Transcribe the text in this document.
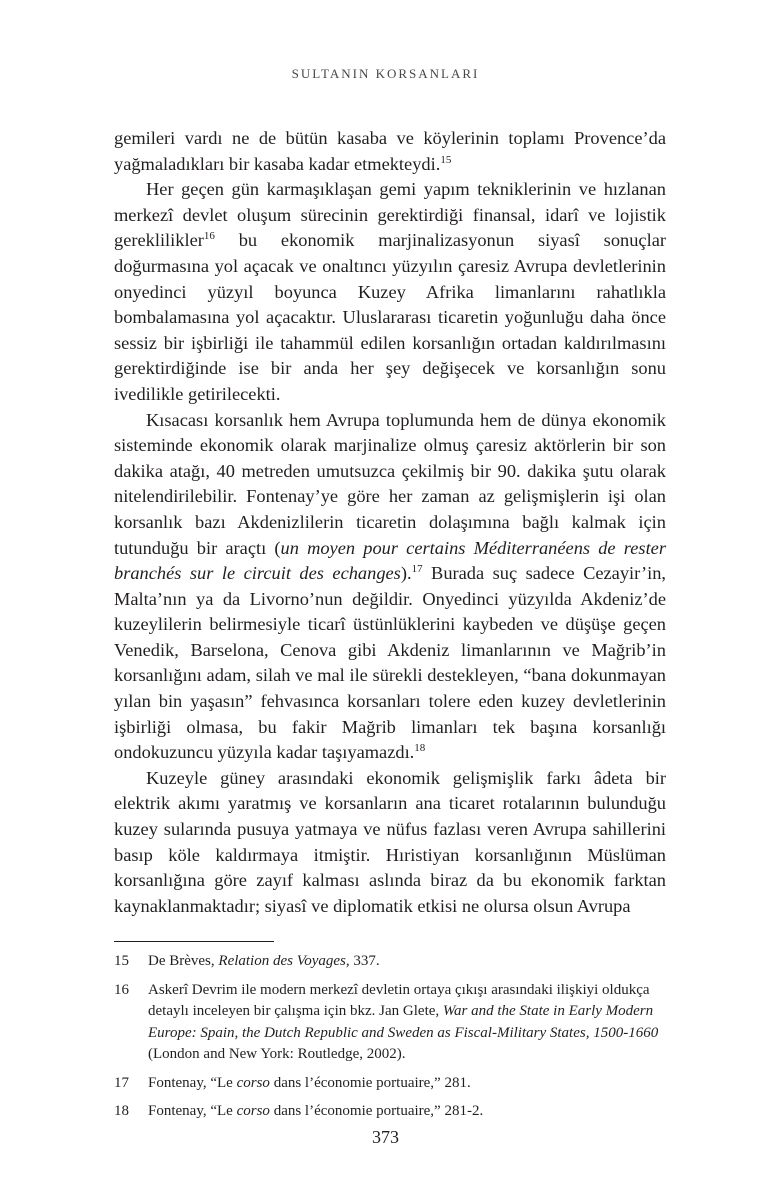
SULTANIN KORSANLARI

gemileri vardı ne de bütün kasaba ve köylerinin toplamı Provence’da yağmaladıkları bir kasaba kadar etmekteydi.$^{15}$

Her geçen gün karmaşıklaşan gemi yapım tekniklerinin ve hızlanan merkezî devlet oluşum sürecinin gerektirdiği finansal, idarî ve lojistik gereklilikler$^{16}$ bu ekonomik marjinalizasyonun siyasî sonuçlar doğurmasına yol açacak ve onaltıncı yüzyılın çaresiz Avrupa devletlerinin onyedinci yüzyıl boyunca Kuzey Afrika limanlarını rahatlıkla bombalamasına yol açacaktır. Uluslararası ticaretin yoğunluğu daha önce sessiz bir işbirliği ile tahammül edilen korsanlığın ortadan kaldırılmasını gerektirdiğinde ise bir anda her şey değişecek ve korsanlığın sonu ivedilikle getirilecekti.

Kısacası korsanlık hem Avrupa toplumunda hem de dünya ekonomik sisteminde ekonomik olarak marjinalize olmuş çaresiz aktörlerin bir son dakika atağı, 40 metreden umutsuzca çekilmiş bir 90. dakika şutu olarak nitelendirilebilir. Fontenay’ye göre her zaman az gelişmişlerin işi olan korsanlık bazı Akdenizlilerin ticaretin dolaşımına bağlı kalmak için tutunduğu bir araçtı (un moyen pour certains Méditerranéens de rester branchés sur le circuit des echanges).$^{17}$ Burada suç sadece Cezayir’in, Malta’nın ya da Livorno’nun değildir. Onyedinci yüzyılda Akdeniz’de kuzeylilerin belirmesiyle ticarî üstünlüklerini kaybeden ve düşüşe geçen Venedik, Barselona, Cenova gibi Akdeniz limanlarının ve Mağrib’in korsanlığını adam, silah ve mal ile sürekli destekleyen, “bana dokunmayan yılan bin yaşasın” fehvasınca korsanları tolere eden kuzey devletlerinin işbirliği olmasa, bu fakir Mağrib limanları tek başına korsanlığı ondokuzuncu yüzyıla kadar taşıyamazdı.$^{18}$

Kuzeyle güney arasındaki ekonomik gelişmişlik farkı âdeta bir elektrik akımı yaratmış ve korsanların ana ticaret rotalarının bulunduğu kuzey sularında pusuya yatmaya ve nüfus fazlası veren Avrupa sahillerini basıp köle kaldırmaya itmiştir. Hıristiyan korsanlığının Müslüman korsanlığına göre zayıf kalması aslında biraz da bu ekonomik farktan kaynaklanmaktadır; siyasî ve diplomatik etkisi ne olursa olsun Avrupa

15	De Brèves, Relation des Voyages, 337.
16	Askerî Devrim ile modern merkezî devletin ortaya çıkışı arasındaki ilişkiyi oldukça detaylı inceleyen bir çalışma için bkz. Jan Glete, War and the State in Early Modern Europe: Spain, the Dutch Republic and Sweden as Fiscal-Military States, 1500-1660 (London and New York: Routledge, 2002).
17	Fontenay, “Le corso dans l’économie portuaire,” 281.
18	Fontenay, “Le corso dans l’économie portuaire,” 281-2.
373
